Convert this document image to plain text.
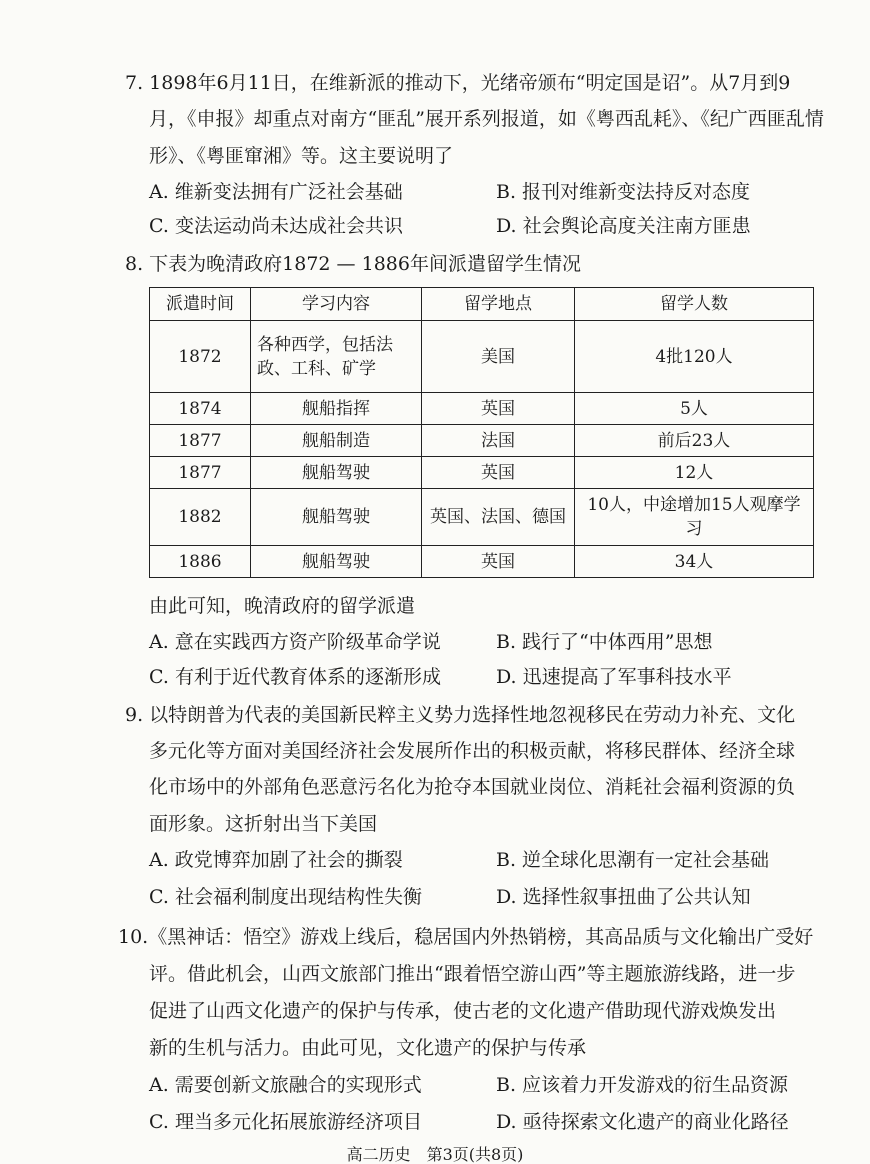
7. 1898年6月11日，在维新派的推动下，光绪帝颁布“明定国是诏”。从7月到9
月，《申报》却重点对南方“匪乱”展开系列报道，如《粤西乱耗》、《纪广西匪乱情
形》、《粤匪窜湘》等。这主要说明了
A. 维新变法拥有广泛社会基础	B. 报刊对维新变法持反对态度
C. 变法运动尚未达成社会共识	D. 社会舆论高度关注南方匪患
8. 下表为晚清政府1872 — 1886年间派遣留学生情况
派遣时间	学习内容	留学地点	留学人数
1872	各种西学，包括法政、工科、矿学	美国	4批120人
1874	舰船指挥	英国	5人
1877	舰船制造	法国	前后23人
1877	舰船驾驶	英国	12人
1882	舰船驾驶	英国、法国、德国	10人，中途增加15人观摩学习
1886	舰船驾驶	英国	34人
由此可知，晚清政府的留学派遣
A. 意在实践西方资产阶级革命学说	B. 践行了“中体西用”思想
C. 有利于近代教育体系的逐渐形成	D. 迅速提高了军事科技水平
9. 以特朗普为代表的美国新民粹主义势力选择性地忽视移民在劳动力补充、文化
多元化等方面对美国经济社会发展所作出的积极贡献，将移民群体、经济全球
化市场中的外部角色恶意污名化为抢夺本国就业岗位、消耗社会福利资源的负
面形象。这折射出当下美国
A. 政党博弈加剧了社会的撕裂	B. 逆全球化思潮有一定社会基础
C. 社会福利制度出现结构性失衡	D. 选择性叙事扭曲了公共认知
10.《黑神话：悟空》游戏上线后，稳居国内外热销榜，其高品质与文化输出广受好
评。借此机会，山西文旅部门推出“跟着悟空游山西”等主题旅游线路，进一步
促进了山西文化遗产的保护与传承，使古老的文化遗产借助现代游戏焕发出
新的生机与活力。由此可见，文化遗产的保护与传承
A. 需要创新文旅融合的实现形式	B. 应该着力开发游戏的衍生品资源
C. 理当多元化拓展旅游经济项目	D. 亟待探索文化遗产的商业化路径
高二历史　第3页(共8页)
